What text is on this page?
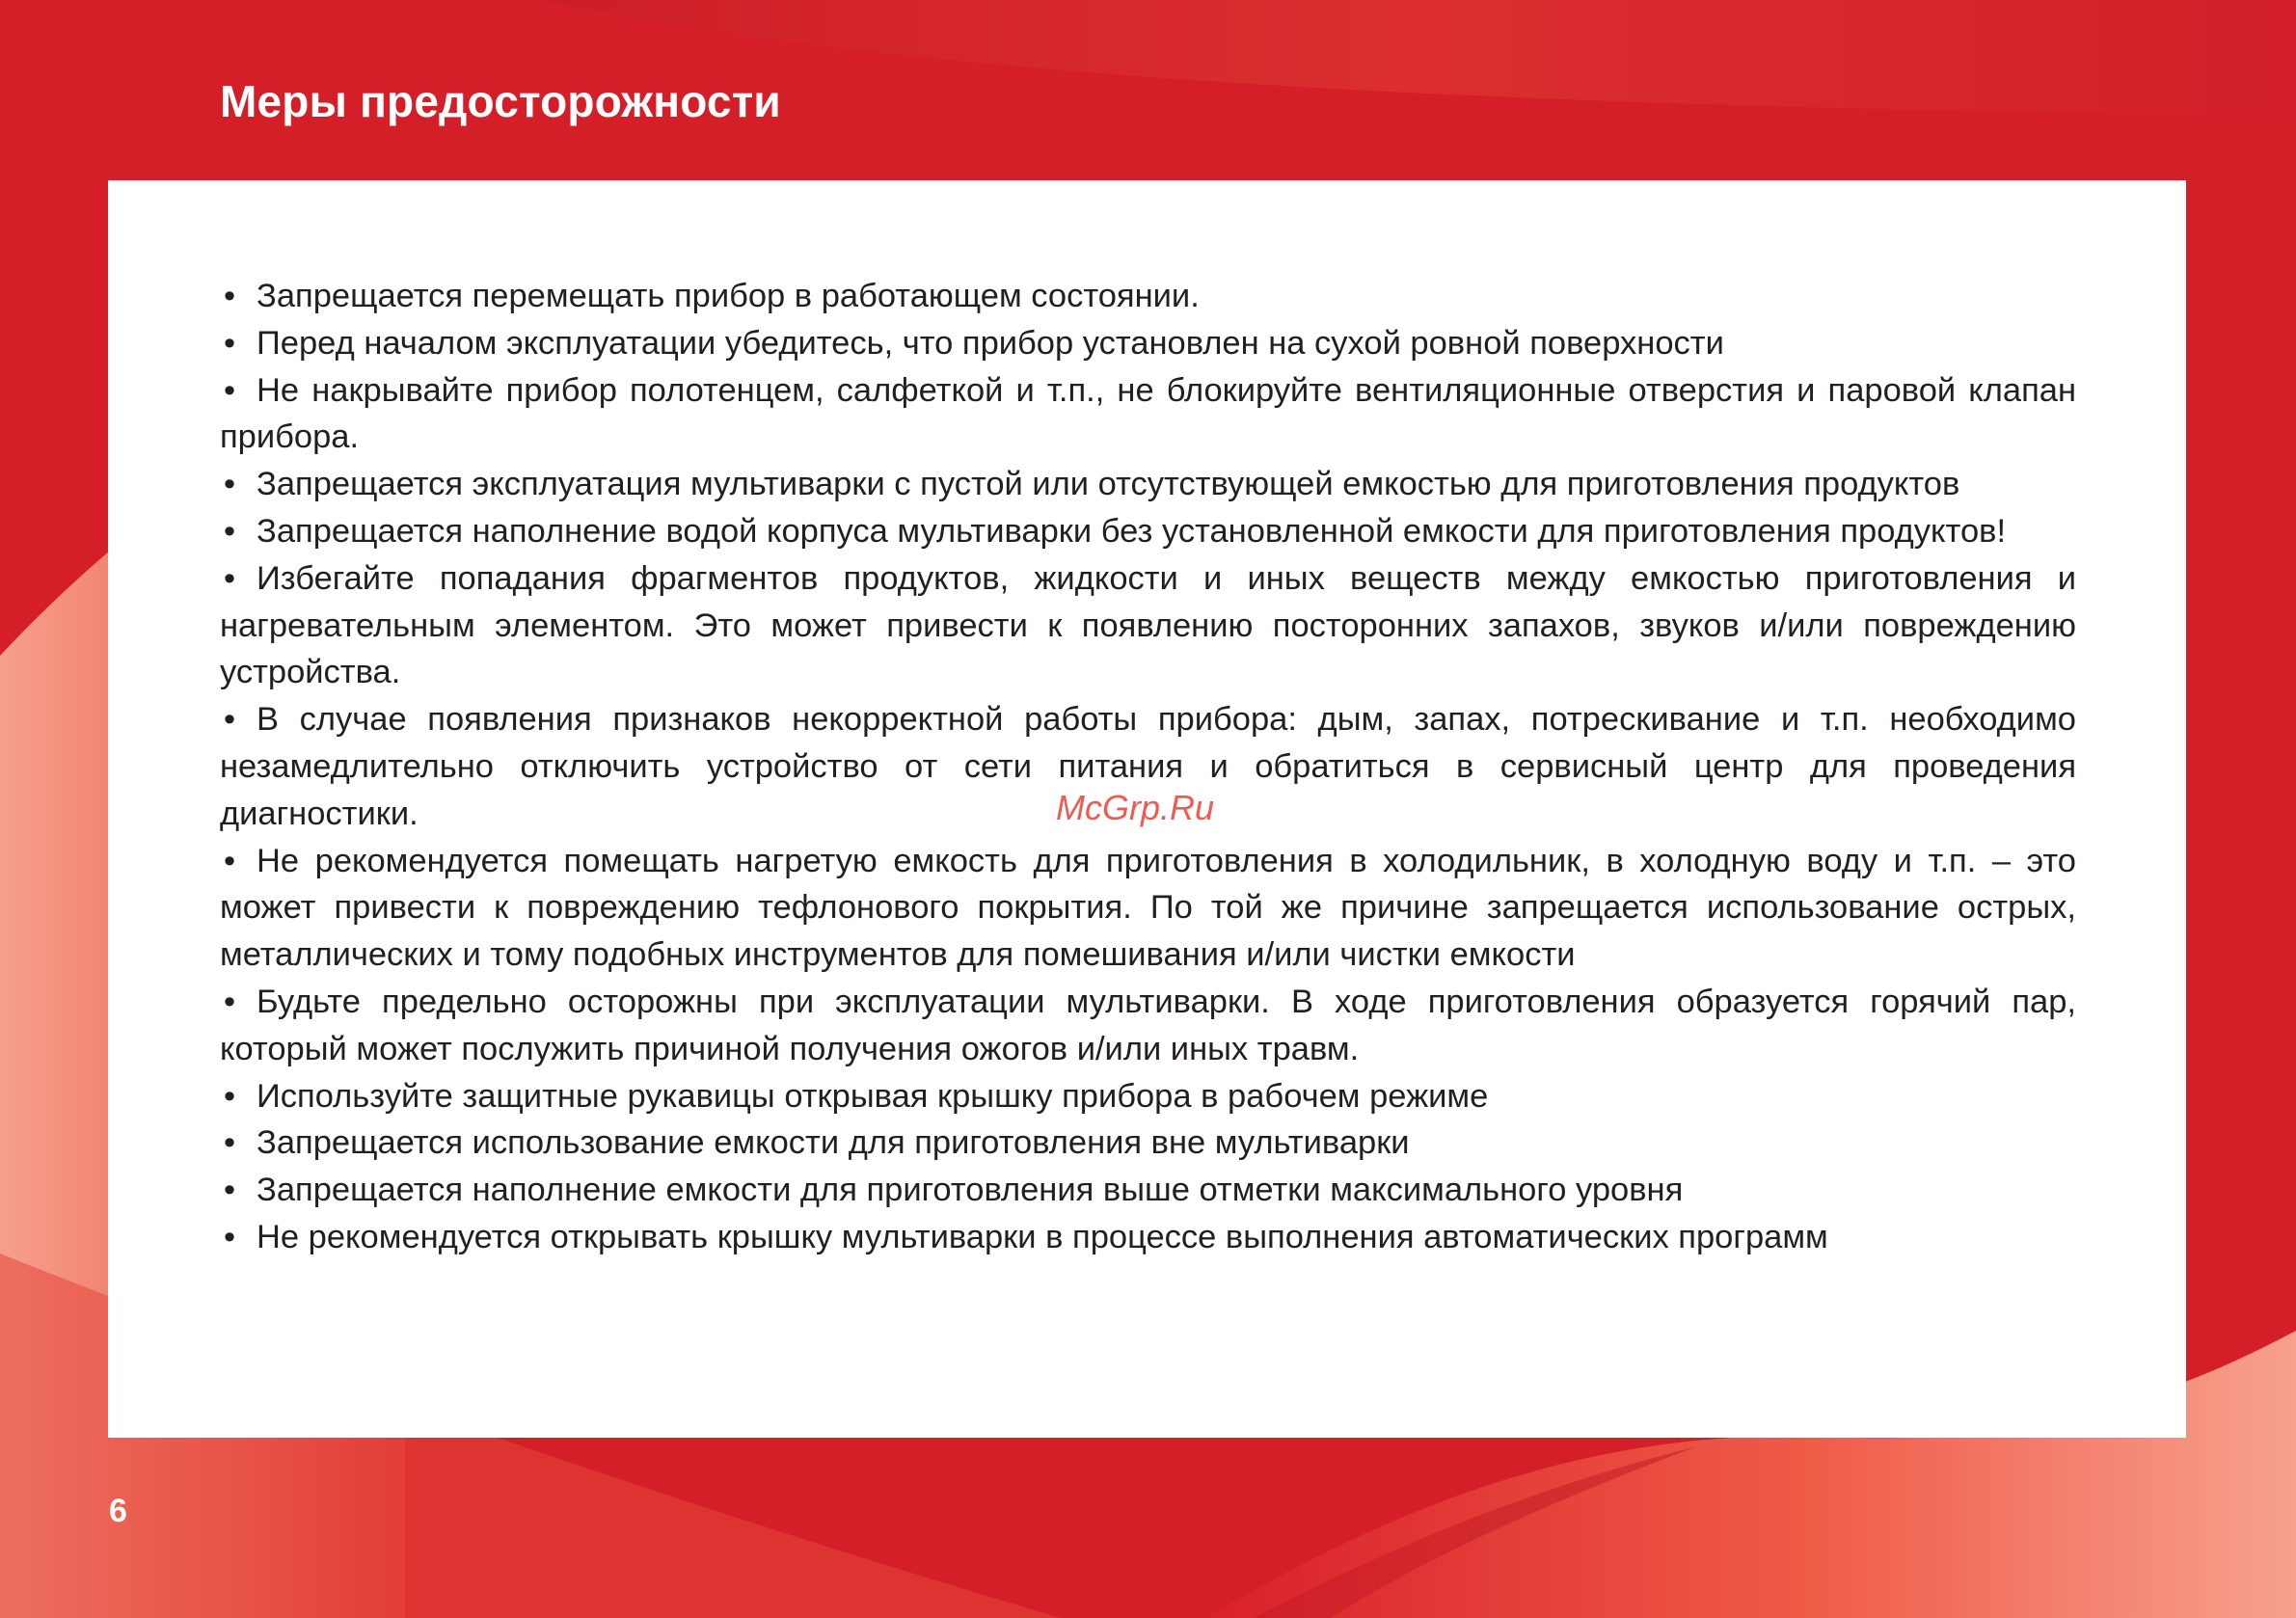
Меры предосторожности
• Запрещается перемещать прибор в работающем состоянии.
• Перед началом эксплуатации убедитесь, что прибор установлен на сухой ровной поверхности
• Не накрывайте прибор полотенцем, салфеткой и т.п., не блокируйте вентиляционные отверстия и паровой клапан прибора.
• Запрещается эксплуатация мультиварки с пустой или отсутствующей емкостью для приготовления продуктов
• Запрещается наполнение водой корпуса мультиварки без установленной емкости для приготовления продуктов!
• Избегайте попадания фрагментов продуктов, жидкости и иных веществ между емкостью приготовления и нагревательным элементом. Это может привести к появлению посторонних запахов, звуков и/или повреждению устройства.
• В случае появления признаков некорректной работы прибора: дым, запах, потрескивание и т.п. необходимо незамедлительно отключить устройство от сети питания и обратиться в сервисный центр для проведения диагностики.
• Не рекомендуется помещать нагретую емкость для приготовления в холодильник, в холодную воду и т.п. – это может привести к повреждению тефлонового покрытия. По той же причине запрещается использование острых, металлических и тому подобных инструментов для помешивания и/или чистки емкости
• Будьте предельно осторожны при эксплуатации мультиварки. В ходе приготовления образуется горячий пар, который может послужить причиной получения ожогов и/или иных травм.
• Используйте защитные рукавицы открывая крышку прибора в рабочем режиме
• Запрещается использование емкости для приготовления вне мультиварки
• Запрещается наполнение емкости для приготовления выше отметки максимального уровня
• Не рекомендуется открывать крышку мультиварки в процессе выполнения автоматических программ
McGrp.Ru
6
